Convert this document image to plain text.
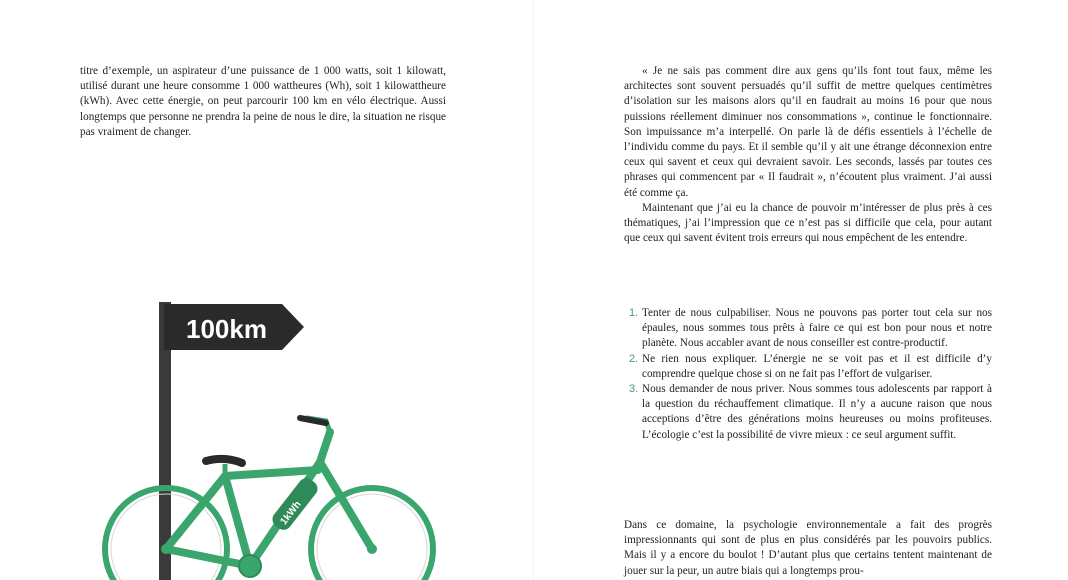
titre d’exemple, un aspirateur d’une puissance de 1 000 watts, soit 1 kilowatt, utilisé durant une heure consomme 1 000 wattheures (Wh), soit 1 kilowattheure (kWh). Avec cette énergie, on peut parcourir 100 km en vélo électrique. Aussi longtemps que personne ne prendra la peine de nous le dire, la situation ne risque pas vraiment de changer.

100km
1kWh

« Je ne sais pas comment dire aux gens qu’ils font tout faux, même les architectes sont souvent persuadés qu’il suffit de mettre quelques centimètres d’isolation sur les maisons alors qu’il en faudrait au moins 16 pour que nous puissions réellement diminuer nos consommations », continue le fonctionnaire. Son impuissance m’a interpellé. On parle là de défis essentiels à l’échelle de l’individu comme du pays. Et il semble qu’il y ait une étrange déconnexion entre ceux qui savent et ceux qui devraient savoir. Les seconds, lassés par toutes ces phrases qui commencent par « Il faudrait », n’écoutent plus vraiment. J’ai aussi été comme ça.

Maintenant que j’ai eu la chance de pouvoir m’intéresser de plus près à ces thématiques, j’ai l’impression que ce n’est pas si difficile que cela, pour autant que ceux qui savent évitent trois erreurs qui nous empêchent de les entendre.

1. Tenter de nous culpabiliser. Nous ne pouvons pas porter tout cela sur nos épaules, nous sommes tous prêts à faire ce qui est bon pour nous et notre planète. Nous accabler avant de nous conseiller est contre-productif.
2. Ne rien nous expliquer. L’énergie ne se voit pas et il est difficile d’y comprendre quelque chose si on ne fait pas l’effort de vulgariser.
3. Nous demander de nous priver. Nous sommes tous adolescents par rapport à la question du réchauffement climatique. Il n’y a aucune raison que nous acceptions d’être des générations moins heureuses ou moins profiteuses. L’écologie c’est la possibilité de vivre mieux : ce seul argument suffit.

Dans ce domaine, la psychologie environnementale a fait des progrès impressionnants qui sont de plus en plus considérés par les pouvoirs publics. Mais il y a encore du boulot ! D’autant plus que certains tentent maintenant de jouer sur la peur, un autre biais qui a longtemps prou-
